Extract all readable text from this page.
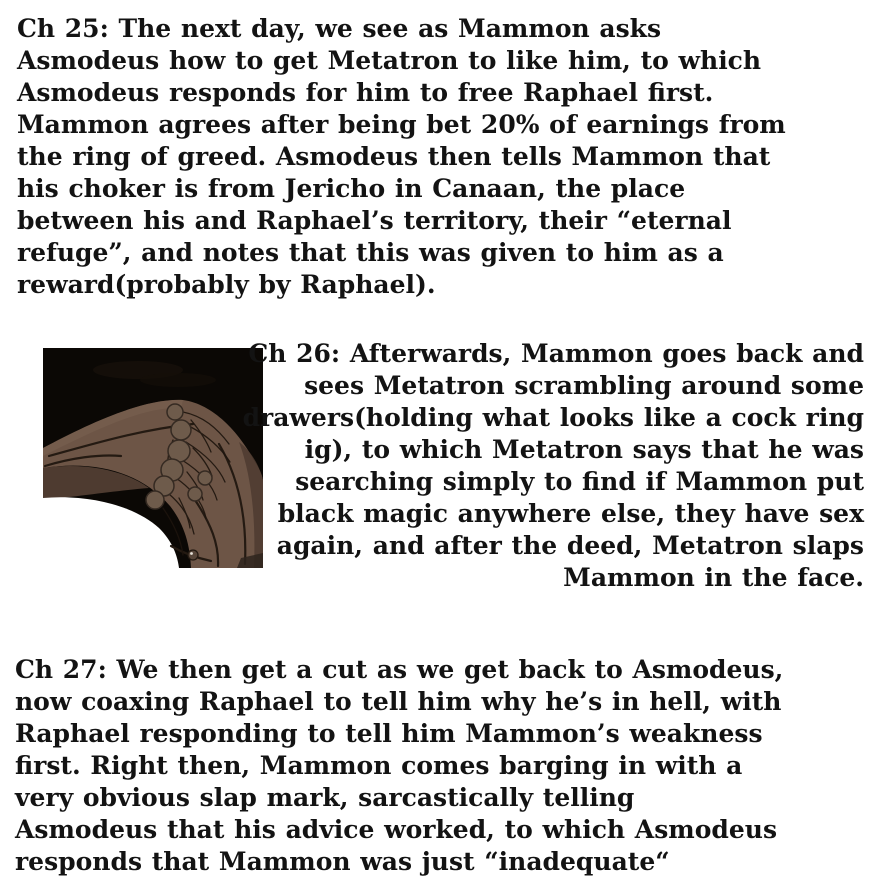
Ch 25: The next day, we see as Mammon asks
Asmodeus how to get Metatron to like him, to which
Asmodeus responds for him to free Raphael first.
Mammon agrees after being bet 20% of earnings from
the ring of greed. Asmodeus then tells Mammon that
his choker is from Jericho in Canaan, the place
between his and Raphael’s territory, their “eternal
refuge”, and notes that this was given to him as a
reward(probably by Raphael).
Ch 26: Afterwards, Mammon goes back and
sees Metatron scrambling around some
drawers(holding what looks like a cock ring
ig), to which Metatron says that he was
searching simply to find if Mammon put
black magic anywhere else, they have sex
again, and after the deed, Metatron slaps
Mammon in the face.
Ch 27: We then get a cut as we get back to Asmodeus,
now coaxing Raphael to tell him why he’s in hell, with
Raphael responding to tell him Mammon’s weakness
first. Right then, Mammon comes barging in with a
very obvious slap mark, sarcastically telling
Asmodeus that his advice worked, to which Asmodeus
responds that Mammon was just “inadequate“
